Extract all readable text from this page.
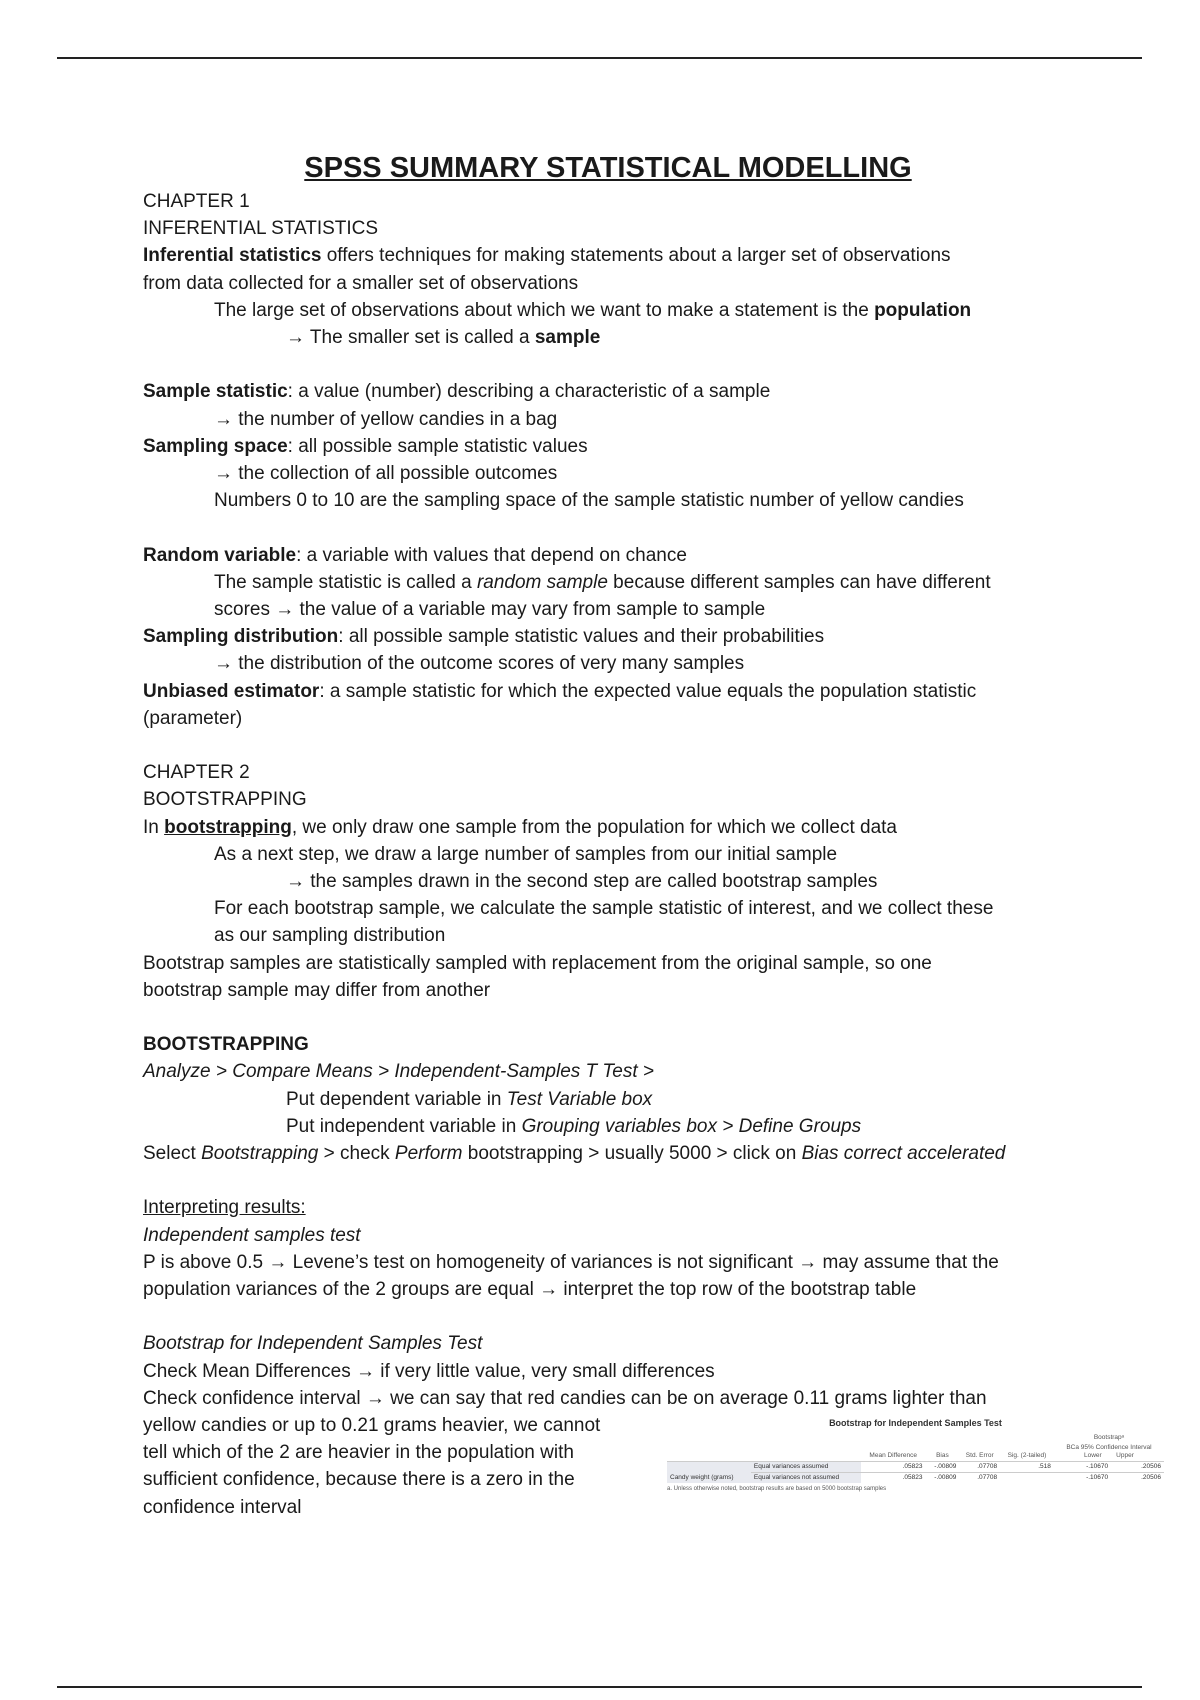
SPSS SUMMARY STATISTICAL MODELLING
CHAPTER 1
INFERENTIAL STATISTICS
Inferential statistics offers techniques for making statements about a larger set of observations
from data collected for a smaller set of observations
The large set of observations about which we want to make a statement is the population
→ The smaller set is called a sample
Sample statistic: a value (number) describing a characteristic of a sample
→ the number of yellow candies in a bag
Sampling space: all possible sample statistic values
→ the collection of all possible outcomes
Numbers 0 to 10 are the sampling space of the sample statistic number of yellow candies
Random variable: a variable with values that depend on chance
The sample statistic is called a random sample because different samples can have different
scores → the value of a variable may vary from sample to sample
Sampling distribution: all possible sample statistic values and their probabilities
→ the distribution of the outcome scores of very many samples
Unbiased estimator: a sample statistic for which the expected value equals the population statistic
(parameter)
CHAPTER 2
BOOTSTRAPPING
In bootstrapping, we only draw one sample from the population for which we collect data
As a next step, we draw a large number of samples from our initial sample
→ the samples drawn in the second step are called bootstrap samples
For each bootstrap sample, we calculate the sample statistic of interest, and we collect these
as our sampling distribution
Bootstrap samples are statistically sampled with replacement from the original sample, so one
bootstrap sample may differ from another
BOOTSTRAPPING
Analyze > Compare Means > Independent-Samples T Test >
Put dependent variable in Test Variable box
Put independent variable in Grouping variables box > Define Groups
Select Bootstrapping > check Perform bootstrapping > usually 5000 > click on Bias correct accelerated
Interpreting results:
Independent samples test
P is above 0.5 → Levene’s test on homogeneity of variances is not significant → may assume that the
population variances of the 2 groups are equal → interpret the top row of the bootstrap table
Bootstrap for Independent Samples Test
Check Mean Differences → if very little value, very small differences
Check confidence interval → we can say that red candies can be on average 0.11 grams lighter than
yellow candies or up to 0.21 grams heavier, we cannot
tell which of the 2 are heavier in the population with
sufficient confidence, because there is a zero in the
confidence interval
Bootstrap for Independent Samples Test
						Bootstrapᵃ	
		Mean Difference	Bias	Std. Error	Sig. (2-tailed)	BCa 95% Confidence Interval
Lower Upper	
Candy weight (grams)	Equal variances assumed	.05823	-.00809	.07708	.518	-.10670	.20506
	Equal variances not assumed	.05823	-.00809	.07708		-.10670	.20506
a. Unless otherwise noted, bootstrap results are based on 5000 bootstrap samples
